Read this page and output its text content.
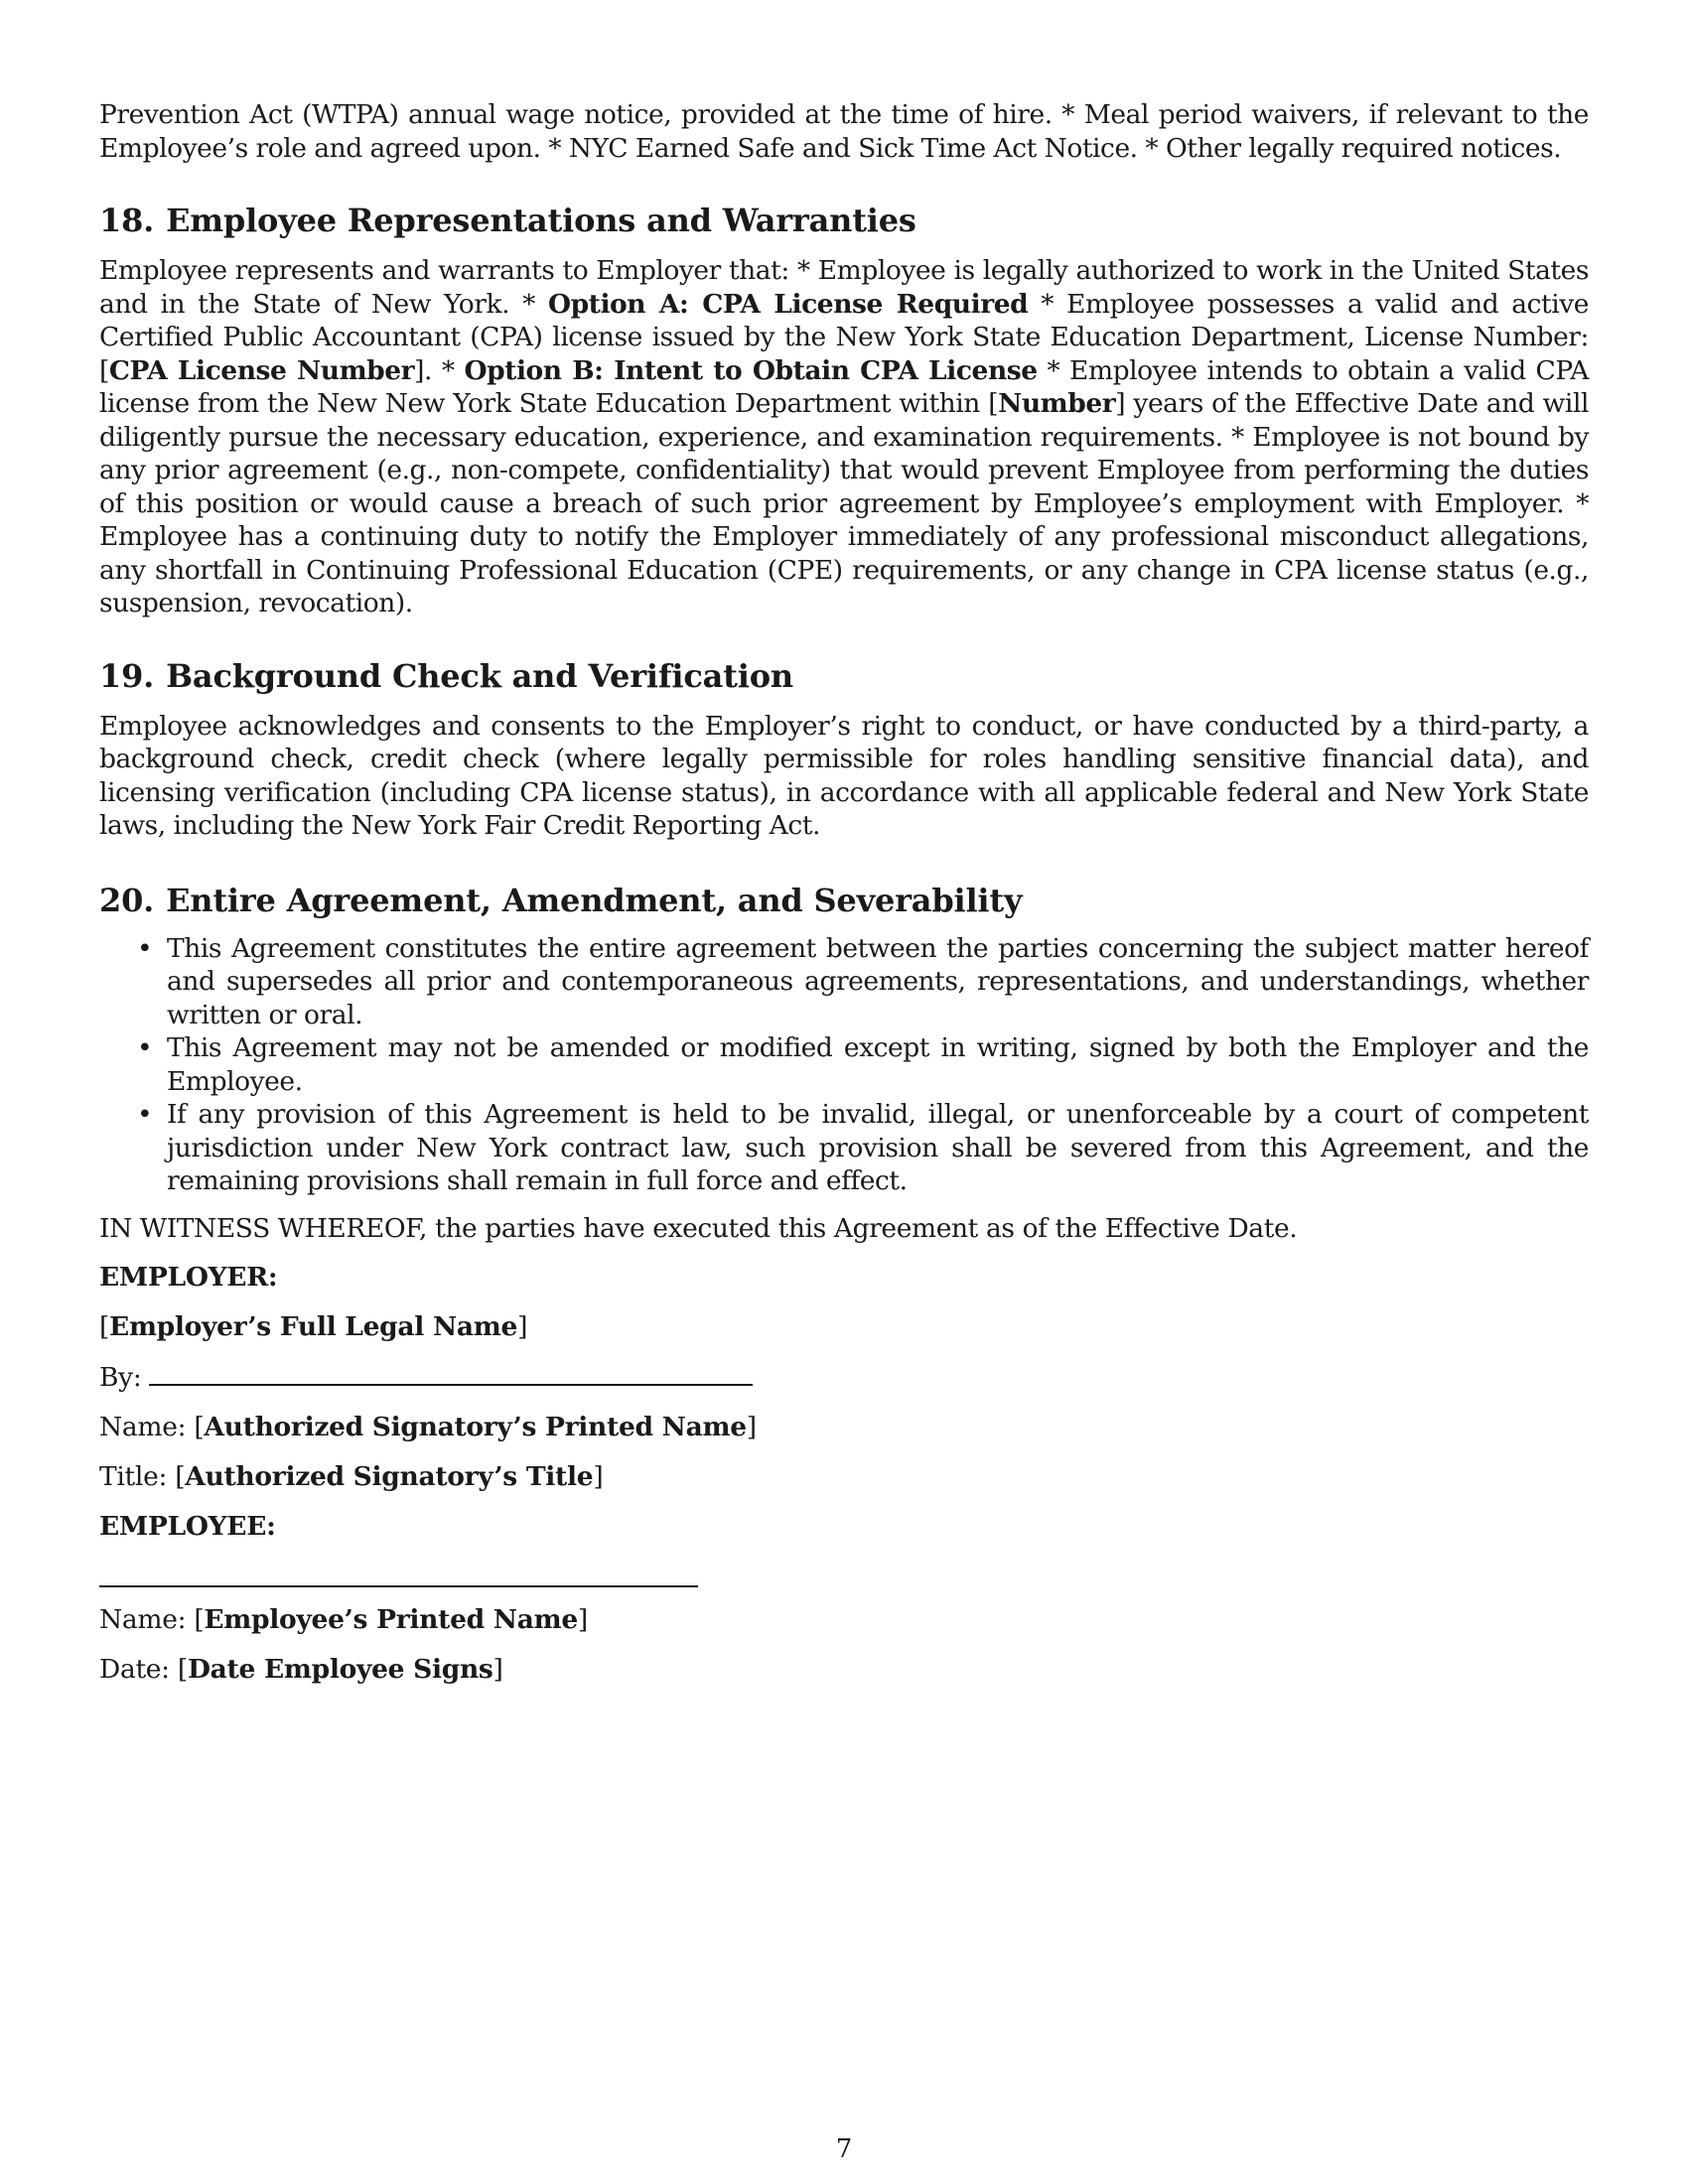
Prevention Act (WTPA) annual wage notice, provided at the time of hire. * Meal period waivers, if relevant to the Employee’s role and agreed upon. * NYC Earned Safe and Sick Time Act Notice. * Other legally required notices.

18. Employee Representations and Warranties

Employee represents and warrants to Employer that: * Employee is legally authorized to work in the United States and in the State of New York. * Option A: CPA License Required * Employee possesses a valid and active Certified Public Accountant (CPA) license issued by the New York State Education Department, License Number: [CPA License Number]. * Option B: Intent to Obtain CPA License * Employee intends to obtain a valid CPA license from the New New York State Education Department within [Number] years of the Effective Date and will diligently pursue the necessary education, experience, and examination requirements. * Employee is not bound by any prior agreement (e.g., non-compete, confidentiality) that would prevent Employee from performing the duties of this position or would cause a breach of such prior agreement by Employee’s employment with Employer. * Employee has a continuing duty to notify the Employer immediately of any professional misconduct allegations, any shortfall in Continuing Professional Education (CPE) requirements, or any change in CPA license status (e.g., suspension, revocation).

19. Background Check and Verification

Employee acknowledges and consents to the Employer’s right to conduct, or have conducted by a third-party, a background check, credit check (where legally permissible for roles handling sensitive financial data), and licensing verification (including CPA license status), in accordance with all applicable federal and New York State laws, including the New York Fair Credit Reporting Act.

20. Entire Agreement, Amendment, and Severability
• This Agreement constitutes the entire agreement between the parties concerning the subject matter hereof and supersedes all prior and contemporaneous agreements, representations, and understandings, whether written or oral.
• This Agreement may not be amended or modified except in writing, signed by both the Employer and the Employee.
• If any provision of this Agreement is held to be invalid, illegal, or unenforceable by a court of competent jurisdiction under New York contract law, such provision shall be severed from this Agreement, and the remaining provisions shall remain in full force and effect.
IN WITNESS WHEREOF, the parties have executed this Agreement as of the Effective Date.
EMPLOYER:
[Employer’s Full Legal Name]
By:
Name: [Authorized Signatory’s Printed Name]
Title: [Authorized Signatory’s Title]
EMPLOYEE:
Name: [Employee’s Printed Name]
Date: [Date Employee Signs]
7
